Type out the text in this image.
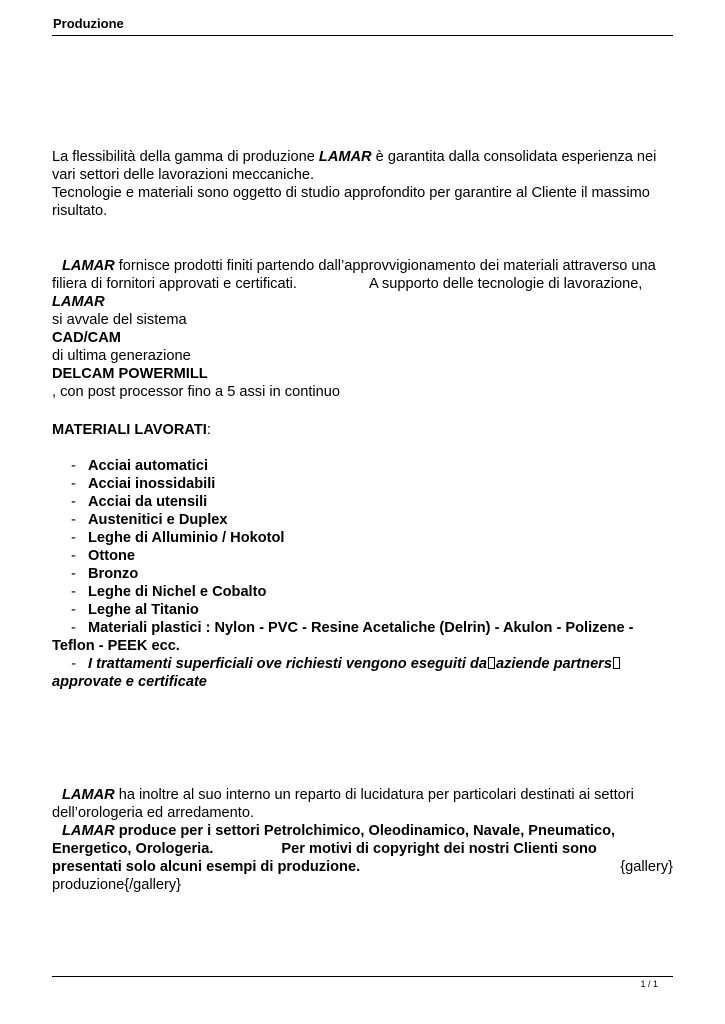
Produzione
La flessibilità della gamma di produzione LAMAR è garantita dalla consolidata esperienza nei
vari settori delle lavorazioni meccaniche.
Tecnologie e materiali sono oggetto di studio approfondito per garantire al Cliente il massimo
risultato.
LAMAR fornisce prodotti finiti partendo dall’approvvigionamento dei materiali attraverso una
filiera di fornitori approvati e certificati.	A supporto delle tecnologie di lavorazione,
LAMAR
si avvale del sistema
CAD/CAM
di ultima generazione
DELCAM POWERMILL
, con post processor fino a 5 assi in continuo
MATERIALI LAVORATI:
- Acciai automatici
- Acciai inossidabili
- Acciai da utensili
- Austenitici e Duplex
- Leghe di Alluminio / Hokotol
- Ottone
- Bronzo
- Leghe di Nichel e Cobalto
- Leghe al Titanio
- Materiali plastici : Nylon - PVC - Resine Acetaliche (Delrin) - Akulon - Polizene -
Teflon - PEEK ecc.
- I trattamenti superficiali ove richiesti vengono eseguiti da aziende partners
approvate e certificate
LAMAR ha inoltre al suo interno un reparto di lucidatura per particolari destinati ai settori
dell’orologeria ed arredamento.
LAMAR produce per i settori Petrolchimico, Oleodinamico, Navale, Pneumatico,
Energetico, Orologeria.	Per motivi di copyright dei nostri Clienti sono
presentati solo alcuni esempi di produzione.	{gallery}
produzione{/gallery}
1 / 1
